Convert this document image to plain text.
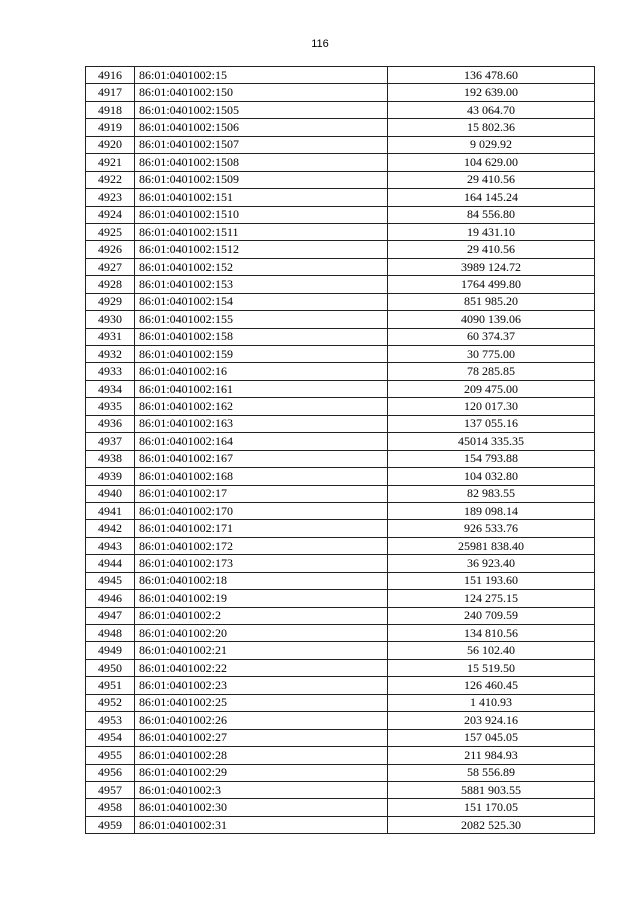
116
4916	86:01:0401002:15	136 478.60
4917	86:01:0401002:150	192 639.00
4918	86:01:0401002:1505	43 064.70
4919	86:01:0401002:1506	15 802.36
4920	86:01:0401002:1507	9 029.92
4921	86:01:0401002:1508	104 629.00
4922	86:01:0401002:1509	29 410.56
4923	86:01:0401002:151	164 145.24
4924	86:01:0401002:1510	84 556.80
4925	86:01:0401002:1511	19 431.10
4926	86:01:0401002:1512	29 410.56
4927	86:01:0401002:152	3989 124.72
4928	86:01:0401002:153	1764 499.80
4929	86:01:0401002:154	851 985.20
4930	86:01:0401002:155	4090 139.06
4931	86:01:0401002:158	60 374.37
4932	86:01:0401002:159	30 775.00
4933	86:01:0401002:16	78 285.85
4934	86:01:0401002:161	209 475.00
4935	86:01:0401002:162	120 017.30
4936	86:01:0401002:163	137 055.16
4937	86:01:0401002:164	45014 335.35
4938	86:01:0401002:167	154 793.88
4939	86:01:0401002:168	104 032.80
4940	86:01:0401002:17	82 983.55
4941	86:01:0401002:170	189 098.14
4942	86:01:0401002:171	926 533.76
4943	86:01:0401002:172	25981 838.40
4944	86:01:0401002:173	36 923.40
4945	86:01:0401002:18	151 193.60
4946	86:01:0401002:19	124 275.15
4947	86:01:0401002:2	240 709.59
4948	86:01:0401002:20	134 810.56
4949	86:01:0401002:21	56 102.40
4950	86:01:0401002:22	15 519.50
4951	86:01:0401002:23	126 460.45
4952	86:01:0401002:25	1 410.93
4953	86:01:0401002:26	203 924.16
4954	86:01:0401002:27	157 045.05
4955	86:01:0401002:28	211 984.93
4956	86:01:0401002:29	58 556.89
4957	86:01:0401002:3	5881 903.55
4958	86:01:0401002:30	151 170.05
4959	86:01:0401002:31	2082 525.30
